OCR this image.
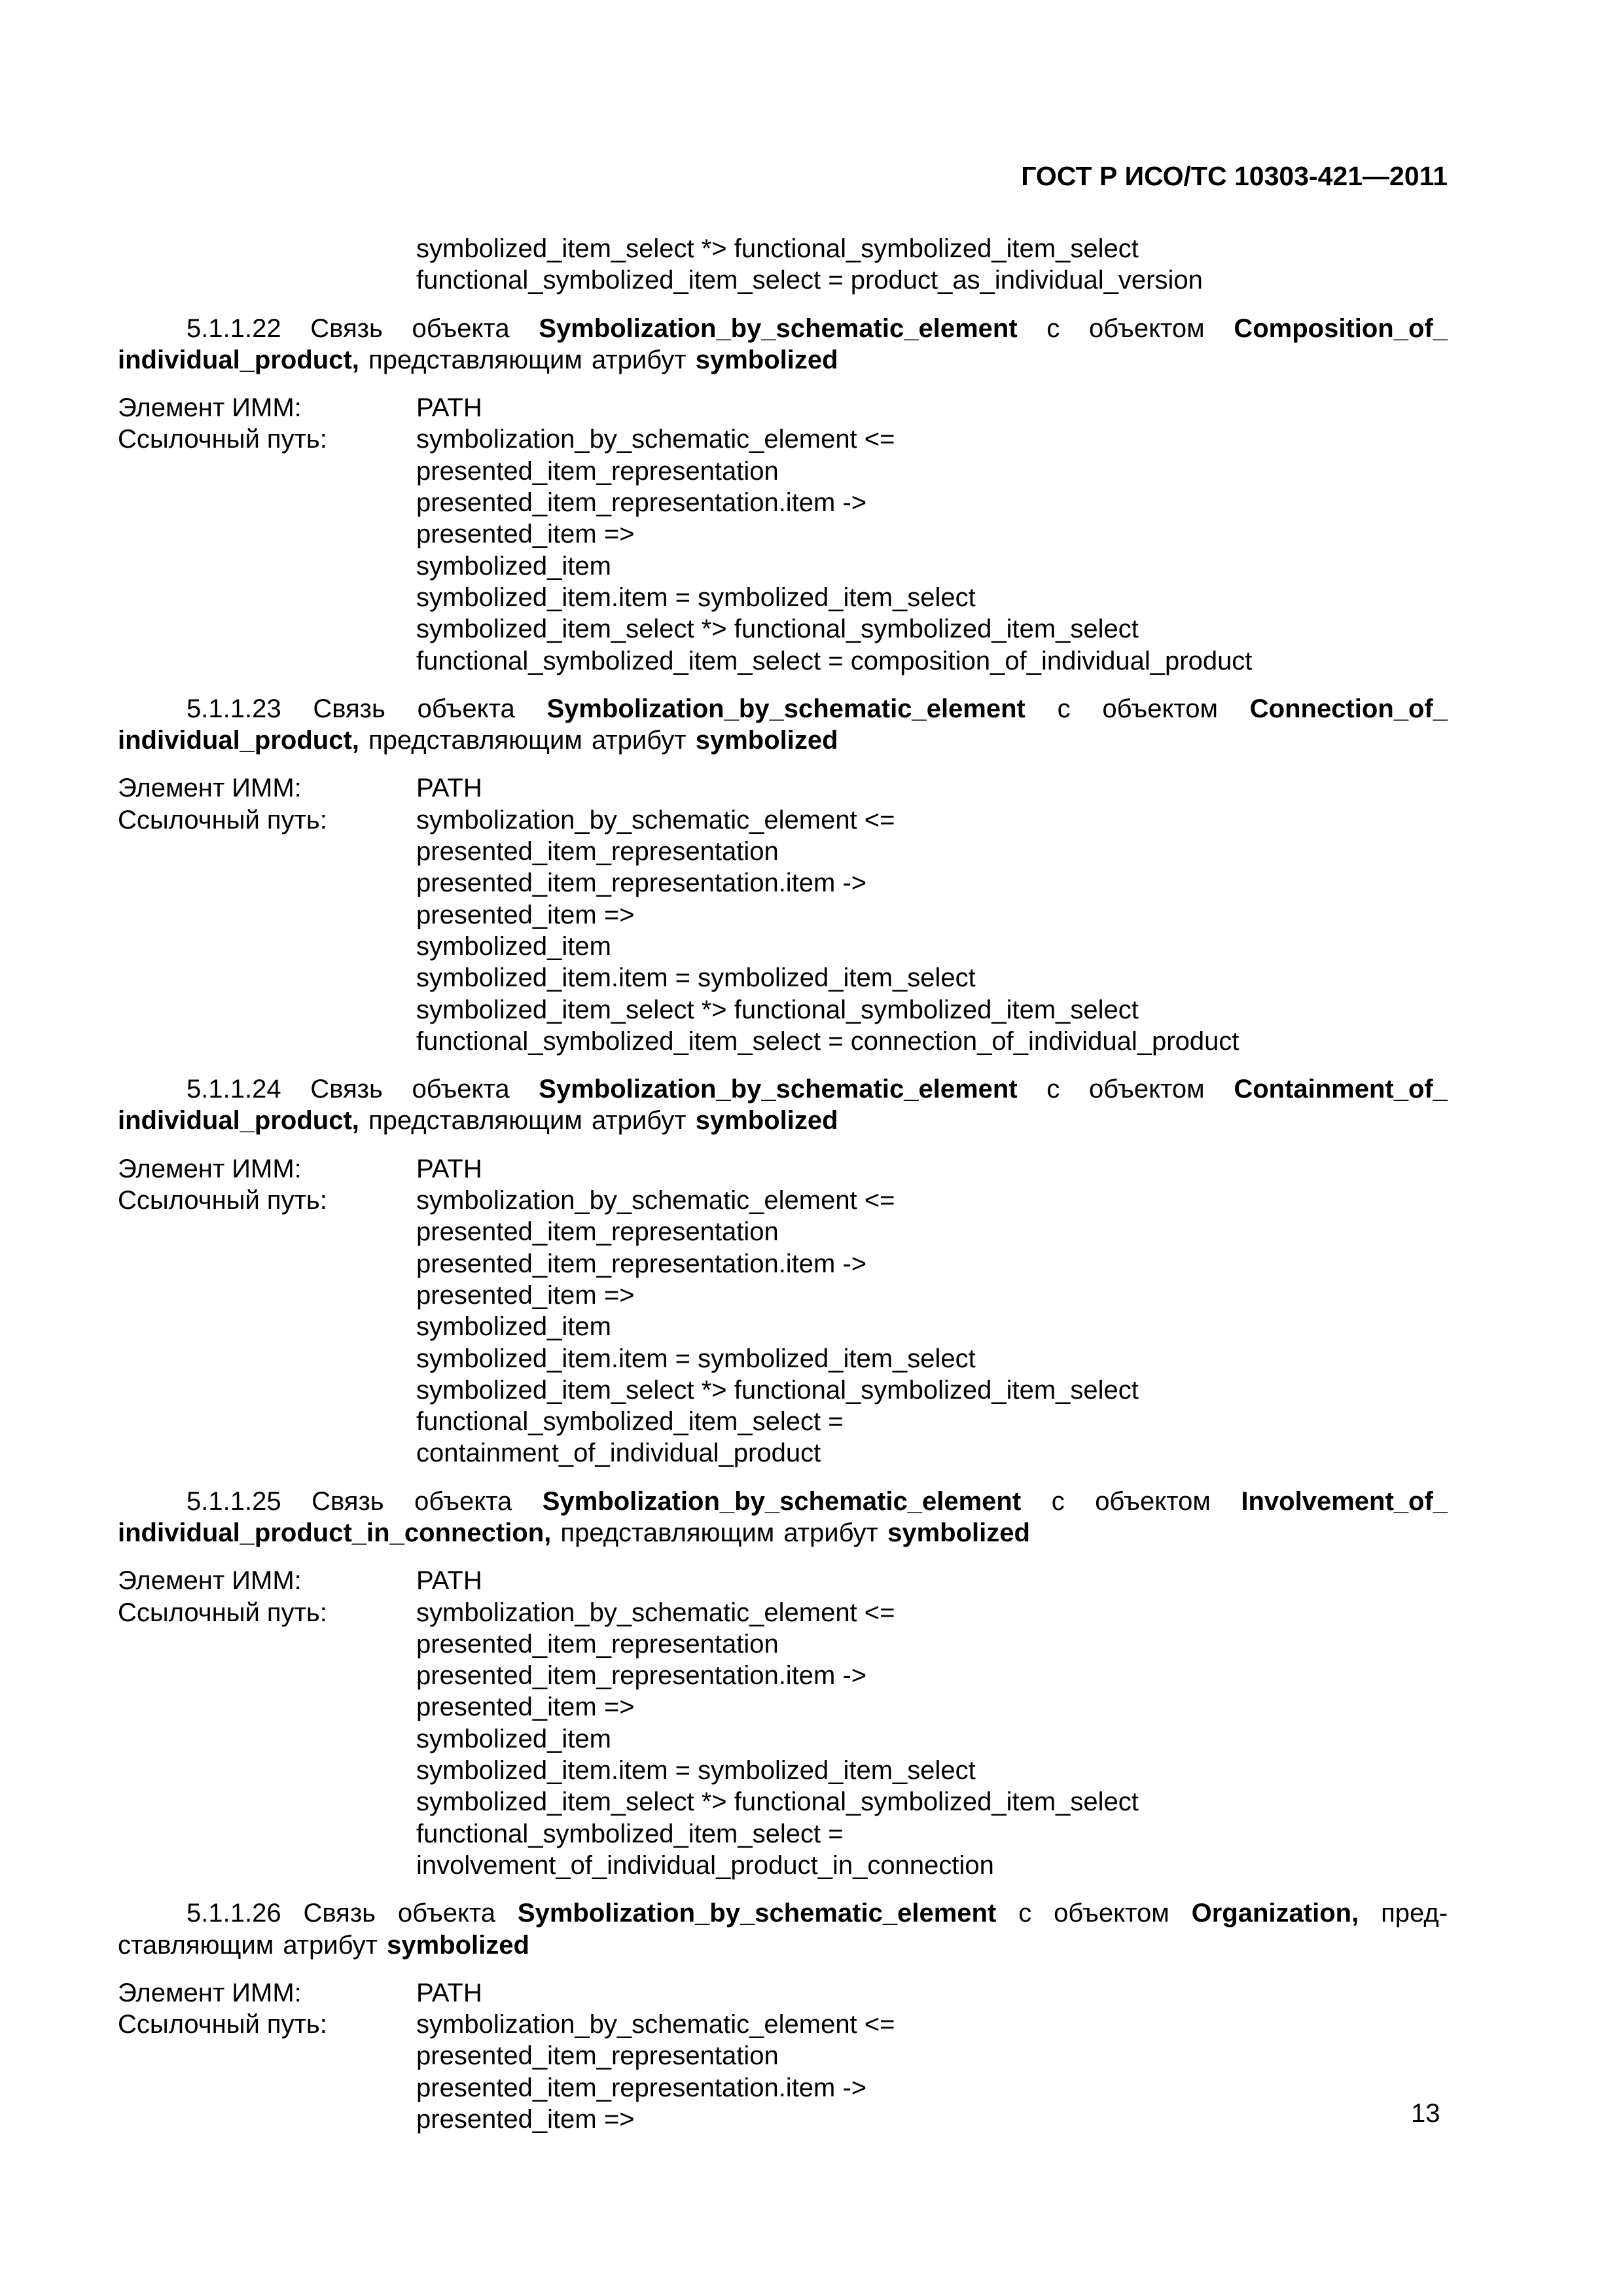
ГОСТ Р ИСО/ТС 10303-421—2011
symbolized_item_select *> functional_symbolized_item_select
functional_symbolized_item_select = product_as_individual_version
5.1.1.22 Связь объекта Symbolization_by_schematic_element с объектом Composition_of_ individual_product, представляющим атрибут symbolized
Элемент ИММ:	PATH
Ссылочный путь:	symbolization_by_schematic_element <=
presented_item_representation
presented_item_representation.item ->
presented_item =>
symbolized_item
symbolized_item.item = symbolized_item_select
symbolized_item_select *> functional_symbolized_item_select
functional_symbolized_item_select = composition_of_individual_product
5.1.1.23 Связь объекта Symbolization_by_schematic_element с объектом Connection_of_ individual_product, представляющим атрибут symbolized
Элемент ИММ:	PATH
Ссылочный путь:	symbolization_by_schematic_element <=
presented_item_representation
presented_item_representation.item ->
presented_item =>
symbolized_item
symbolized_item.item = symbolized_item_select
symbolized_item_select *> functional_symbolized_item_select
functional_symbolized_item_select = connection_of_individual_product
5.1.1.24 Связь объекта Symbolization_by_schematic_element с объектом Containment_of_ individual_product, представляющим атрибут symbolized
Элемент ИММ:	PATH
Ссылочный путь:	symbolization_by_schematic_element <=
presented_item_representation
presented_item_representation.item ->
presented_item =>
symbolized_item
symbolized_item.item = symbolized_item_select
symbolized_item_select *> functional_symbolized_item_select
functional_symbolized_item_select =
containment_of_individual_product
5.1.1.25 Связь объекта Symbolization_by_schematic_element с объектом Involvement_of_ individual_product_in_connection, представляющим атрибут symbolized
Элемент ИММ:	PATH
Ссылочный путь:	symbolization_by_schematic_element <=
presented_item_representation
presented_item_representation.item ->
presented_item =>
symbolized_item
symbolized_item.item = symbolized_item_select
symbolized_item_select *> functional_symbolized_item_select
functional_symbolized_item_select =
involvement_of_individual_product_in_connection
5.1.1.26 Связь объекта Symbolization_by_schematic_element с объектом Organization, пред-ставляющим атрибут symbolized
Элемент ИММ:	PATH
Ссылочный путь:	symbolization_by_schematic_element <=
presented_item_representation
presented_item_representation.item ->
presented_item =>	13
